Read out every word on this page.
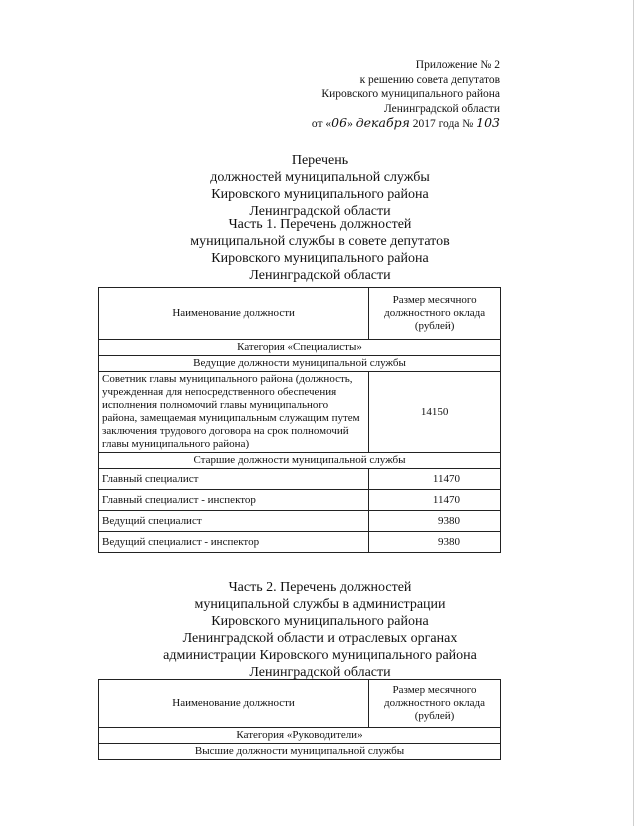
Приложение № 2
к решению совета депутатов
Кировского муниципального района
Ленинградской области
от «06» декабря 2017 года № 103
Перечень
должностей муниципальной службы
Кировского муниципального района
Ленинградской области
Часть 1. Перечень должностей
муниципальной службы в совете депутатов
Кировского муниципального района
Ленинградской области
Наименование должности	Размер месячного должностного оклада (рублей)
Категория «Специалисты»	
Ведущие должности муниципальной службы	
Советник главы муниципального района (должность, учрежденная для непосредственного обеспечения исполнения полномочий главы муниципального района, замещаемая муниципальным служащим путем заключения трудового договора на срок полномочий главы муниципального района)	14150
Старшие должности муниципальной службы	
Главный специалист	11470
Главный специалист - инспектор	11470
Ведущий специалист	9380
Ведущий специалист - инспектор	9380
Часть 2. Перечень должностей
муниципальной службы в администрации
Кировского муниципального района
Ленинградской области и отраслевых органах
администрации Кировского муниципального района
Ленинградской области
Наименование должности	Размер месячного должностного оклада (рублей)
Категория «Руководители»
Высшие должности муниципальной службы
